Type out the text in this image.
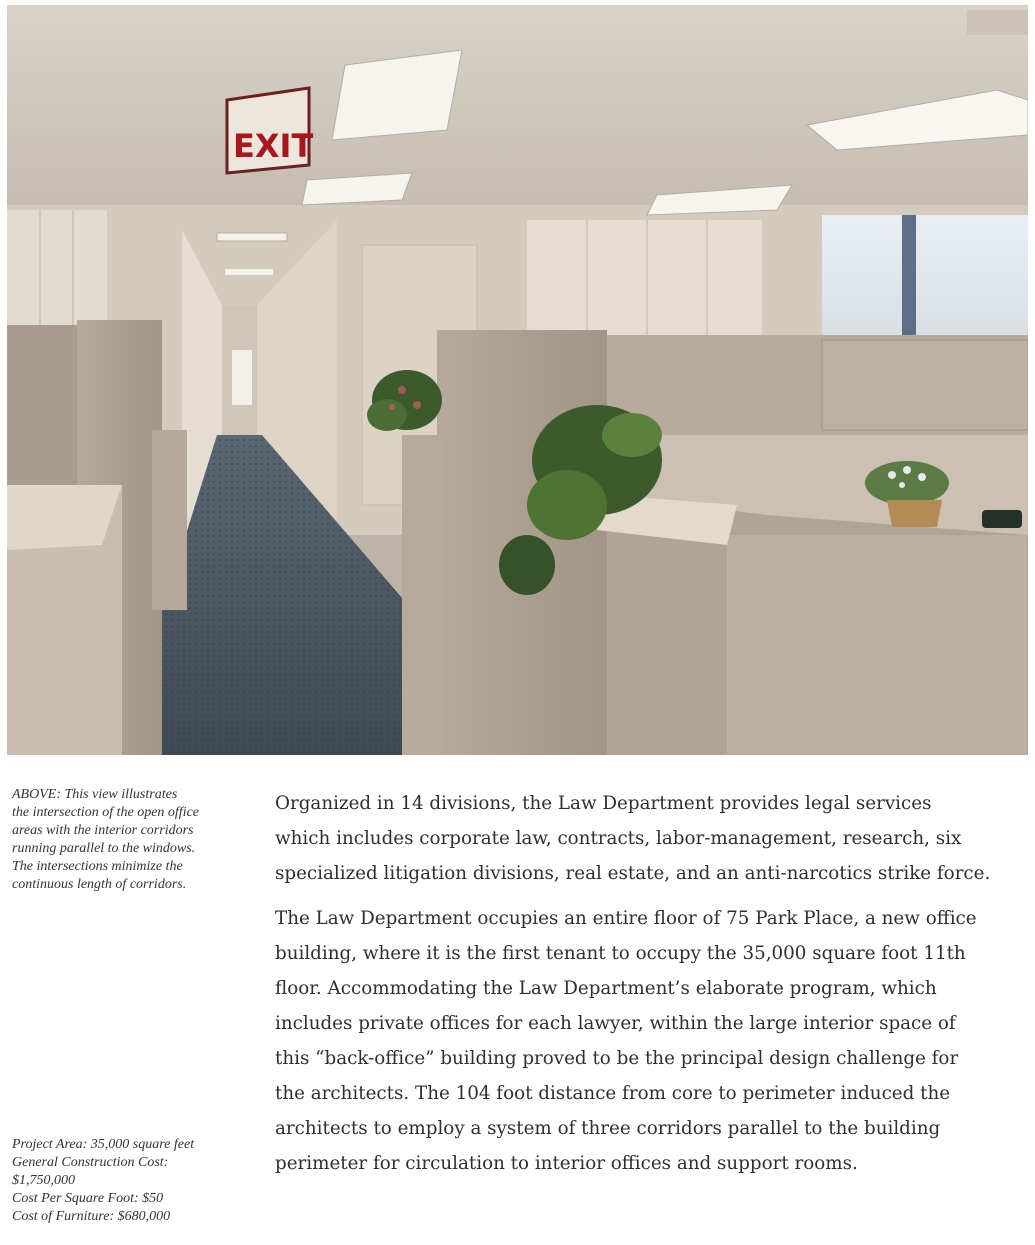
EXIT
ABOVE: This view illustrates
the intersection of the open office
areas with the interior corridors
running parallel to the windows.
The intersections minimize the
continuous length of corridors.
Project Area: 35,000 square feet
General Construction Cost:
$1,750,000
Cost Per Square Foot: $50
Cost of Furniture: $680,000

Organized in 14 divisions, the Law Department provides legal services
which includes corporate law, contracts, labor-management, research, six
specialized litigation divisions, real estate, and an anti-narcotics strike force.

The Law Department occupies an entire floor of 75 Park Place, a new office
building, where it is the first tenant to occupy the 35,000 square foot 11th
floor. Accommodating the Law Department’s elaborate program, which
includes private offices for each lawyer, within the large interior space of
this “back-office” building proved to be the principal design challenge for
the architects. The 104 foot distance from core to perimeter induced the
architects to employ a system of three corridors parallel to the building
perimeter for circulation to interior offices and support rooms.
